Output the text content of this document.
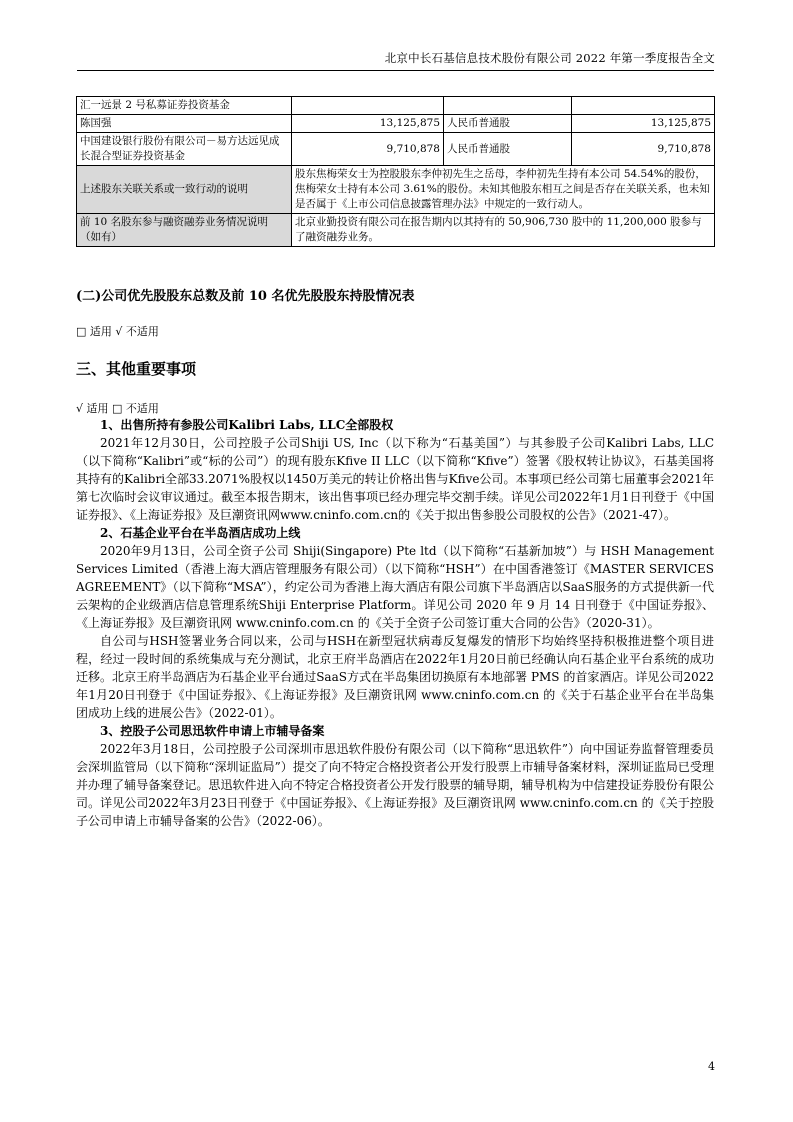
北京中长石基信息技术股份有限公司 2022 年第一季度报告全文
汇一远景 2 号私募证券投资基金			
陈国强	13,125,875	人民币普通股	13,125,875
中国建设银行股份有限公司－易方达远见成长混合型证券投资基金	9,710,878	人民币普通股	9,710,878
上述股东关联关系或一致行动的说明	股东焦梅荣女士为控股股东李仲初先生之岳母，李仲初先生持有本公司 54.54%的股份，焦梅荣女士持有本公司 3.61%的股份。未知其他股东相互之间是否存在关联关系，也未知是否属于《上市公司信息披露管理办法》中规定的一致行动人。		
前 10 名股东参与融资融券业务情况说明（如有）	北京业勤投资有限公司在报告期内以其持有的 50,906,730 股中的 11,200,000 股参与了融资融券业务。		
(二)公司优先股股东总数及前 10 名优先股股东持股情况表
□ 适用 √ 不适用
三、其他重要事项
√ 适用 □ 不适用
1、出售所持有参股公司Kalibri Labs, LLC全部股权

2021年12月30日，公司控股子公司Shiji US, Inc（以下称为“石基美国”）与其参股子公司Kalibri Labs, LLC（以下简称“Kalibri”或“标的公司”）的现有股东Kfive II LLC（以下简称“Kfive”）签署《股权转让协议》，石基美国将其持有的Kalibri全部33.2071%股权以1450万美元的转让价格出售与Kfive公司。本事项已经公司第七届董事会2021年第七次临时会议审议通过。截至本报告期末，该出售事项已经办理完毕交割手续。详见公司2022年1月1日刊登于《中国证券报》、《上海证券报》及巨潮资讯网www.cninfo.com.cn的《关于拟出售参股公司股权的公告》（2021-47）。

2、石基企业平台在半岛酒店成功上线

2020年9月13日，公司全资子公司 Shiji(Singapore) Pte ltd（以下简称“石基新加坡”）与 HSH Management Services Limited（香港上海大酒店管理服务有限公司）（以下简称“HSH”）在中国香港签订《MASTER SERVICES AGREEMENT》（以下简称“MSA”），约定公司为香港上海大酒店有限公司旗下半岛酒店以SaaS服务的方式提供新一代云架构的企业级酒店信息管理系统Shiji Enterprise Platform。详见公司 2020 年 9 月 14 日刊登于《中国证券报》、《上海证券报》及巨潮资讯网 www.cninfo.com.cn 的《关于全资子公司签订重大合同的公告》（2020-31）。

自公司与HSH签署业务合同以来，公司与HSH在新型冠状病毒反复爆发的情形下均始终坚持积极推进整个项目进程，经过一段时间的系统集成与充分测试，北京王府半岛酒店在2022年1月20日前已经确认向石基企业平台系统的成功迁移。北京王府半岛酒店为石基企业平台通过SaaS方式在半岛集团切换原有本地部署 PMS 的首家酒店。详见公司2022年1月20日刊登于《中国证券报》、《上海证券报》及巨潮资讯网 www.cninfo.com.cn 的《关于石基企业平台在半岛集团成功上线的进展公告》（2022-01）。

3、控股子公司思迅软件申请上市辅导备案

2022年3月18日，公司控股子公司深圳市思迅软件股份有限公司（以下简称“思迅软件”）向中国证券监督管理委员会深圳监管局（以下简称“深圳证监局”）提交了向不特定合格投资者公开发行股票上市辅导备案材料，深圳证监局已受理并办理了辅导备案登记。思迅软件进入向不特定合格投资者公开发行股票的辅导期，辅导机构为中信建投证券股份有限公司。详见公司2022年3月23日刊登于《中国证券报》、《上海证券报》及巨潮资讯网 www.cninfo.com.cn 的《关于控股子公司申请上市辅导备案的公告》（2022-06）。

4
